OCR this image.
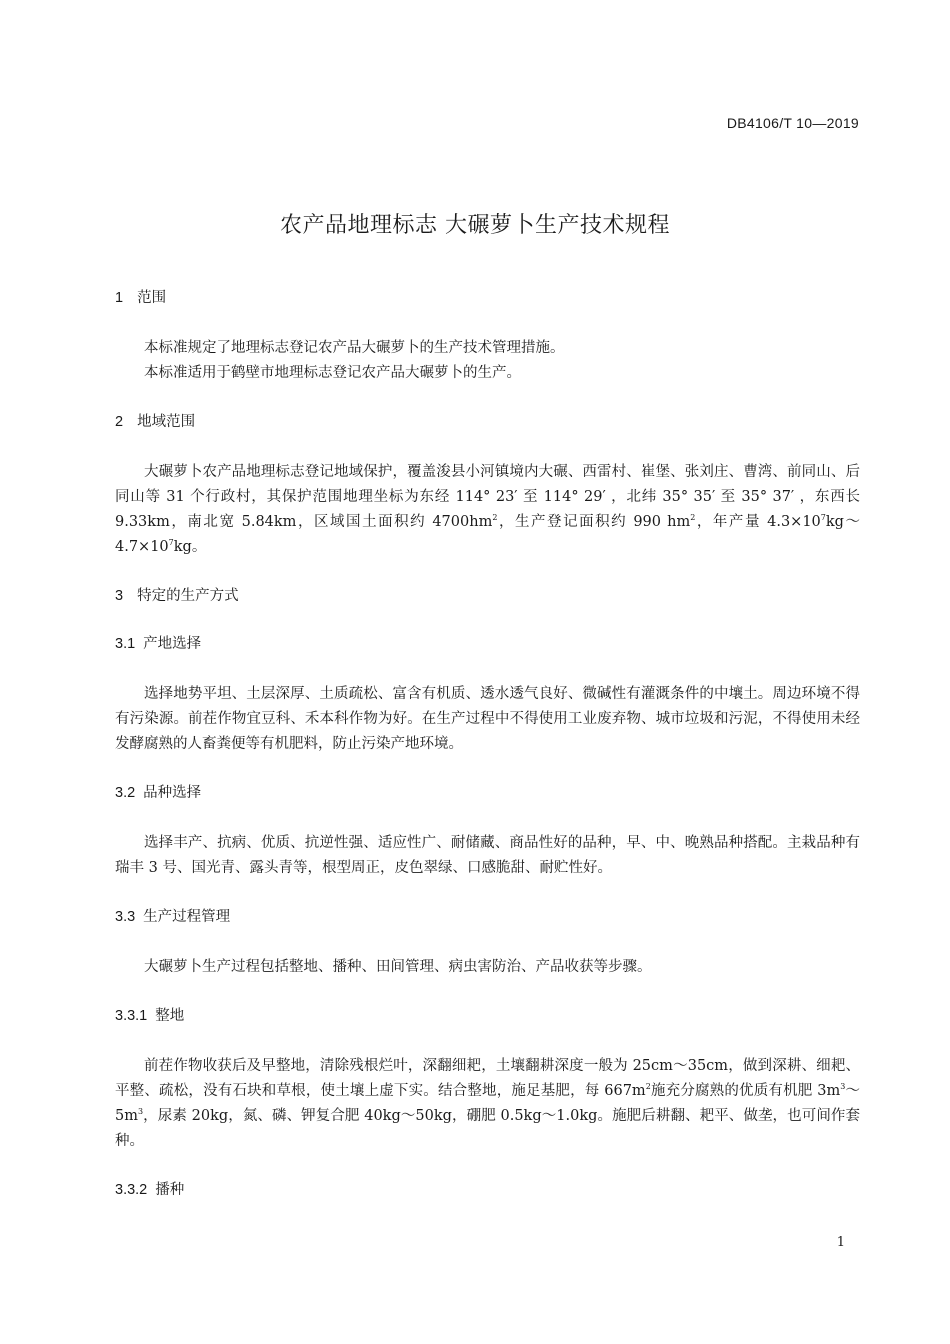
DB4106/T 10—2019
农产品地理标志 大碾萝卜生产技术规程
1 范围

本标准规定了地理标志登记农产品大碾萝卜的生产技术管理措施。

本标准适用于鹤壁市地理标志登记农产品大碾萝卜的生产。

2 地域范围

大碾萝卜农产品地理标志登记地域保护，覆盖浚县小河镇境内大碾、西雷村、崔堡、张刘庄、曹湾、前同山、后同山等 31 个行政村，其保护范围地理坐标为东经 114° 23′ 至 114° 29′ ，北纬 35° 35′ 至 35° 37′ ，东西长 9.33km，南北宽 5.84km，区域国土面积约 $4700hm^2$，生产登记面积约 990 $hm^2$，年产量 $4.3\times 10^7kg\sim 4.7\times 10^7kg$。

3 特定的生产方式
3.1 产地选择

选择地势平坦、土层深厚、土质疏松、富含有机质、透水透气良好、微碱性有灌溉条件的中壤土。周边环境不得有污染源。前茬作物宜豆科、禾本科作物为好。在生产过程中不得使用工业废弃物、城市垃圾和污泥，不得使用未经发酵腐熟的人畜粪便等有机肥料，防止污染产地环境。

3.2 品种选择

选择丰产、抗病、优质、抗逆性强、适应性广、耐储藏、商品性好的品种，早、中、晚熟品种搭配。主栽品种有瑞丰 3 号、国光青、露头青等，根型周正，皮色翠绿、口感脆甜、耐贮性好。

3.3 生产过程管理

大碾萝卜生产过程包括整地、播种、田间管理、病虫害防治、产品收获等步骤。

3.3.1 整地

前茬作物收获后及早整地，清除残根烂叶，深翻细耙，土壤翻耕深度一般为 25cm～35cm，做到深耕、细耙、平整、疏松，没有石块和草根，使土壤上虚下实。结合整地，施足基肥，每 $667m^2$施充分腐熟的优质有机肥 $3m^3\sim 5m^3$，尿素 20kg，氮、磷、钾复合肥 40kg～50kg，硼肥 0.5kg～1.0kg。施肥后耕翻、耙平、做垄，也可间作套种。

3.3.2 播种
1
